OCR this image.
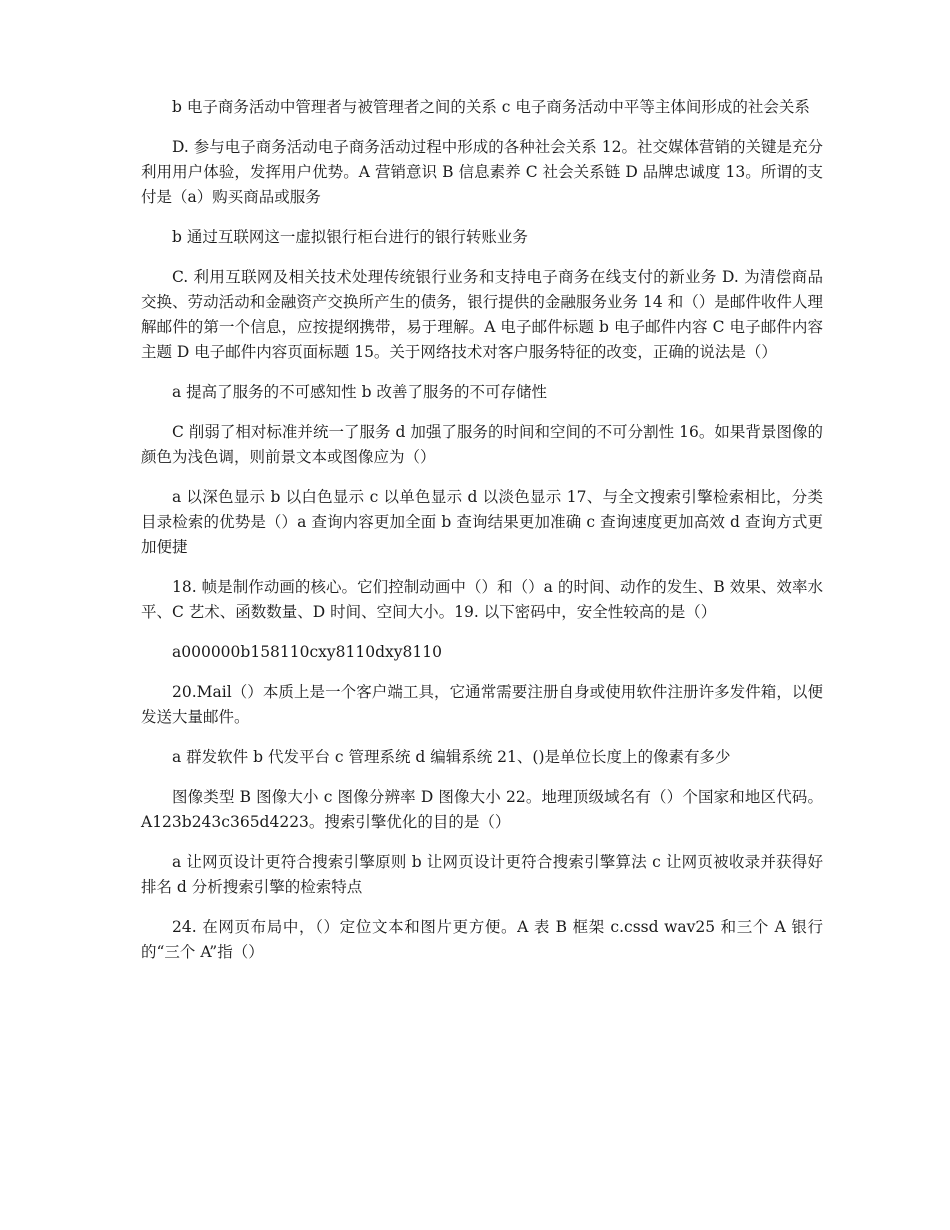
b 电子商务活动中管理者与被管理者之间的关系 c 电子商务活动中平等主体间形成的社会关系

D. 参与电子商务活动电子商务活动过程中形成的各种社会关系 12。社交媒体营销的关键是充分利用用户体验，发挥用户优势。A 营销意识 B 信息素养 C 社会关系链 D 品牌忠诚度 13。所谓的支付是（a）购买商品或服务

b 通过互联网这一虚拟银行柜台进行的银行转账业务

C. 利用互联网及相关技术处理传统银行业务和支持电子商务在线支付的新业务 D. 为清偿商品交换、劳动活动和金融资产交换所产生的债务，银行提供的金融服务业务 14 和（）是邮件收件人理解邮件的第一个信息，应按提纲携带，易于理解。A 电子邮件标题 b 电子邮件内容 C 电子邮件内容主题 D 电子邮件内容页面标题 15。关于网络技术对客户服务特征的改变，正确的说法是（）

a 提高了服务的不可感知性 b 改善了服务的不可存储性

C 削弱了相对标准并统一了服务 d 加强了服务的时间和空间的不可分割性 16。如果背景图像的颜色为浅色调，则前景文本或图像应为（）

a 以深色显示 b 以白色显示 c 以单色显示 d 以淡色显示 17、与全文搜索引擎检索相比，分类目录检索的优势是（）a 查询内容更加全面 b 查询结果更加准确 c 查询速度更加高效 d 查询方式更加便捷

18. 帧是制作动画的核心。它们控制动画中（）和（）a 的时间、动作的发生、B 效果、效率水平、C 艺术、函数数量、D 时间、空间大小。19. 以下密码中，安全性较高的是（）

a000000b158110cxy8110dxy8110

20.Mail（）本质上是一个客户端工具，它通常需要注册自身或使用软件注册许多发件箱，以便发送大量邮件。

a 群发软件 b 代发平台 c 管理系统 d 编辑系统 21、()是单位长度上的像素有多少

图像类型 B 图像大小 c 图像分辨率 D 图像大小 22。地理顶级域名有（）个国家和地区代码。A123b243c365d4223。搜索引擎优化的目的是（）

a 让网页设计更符合搜索引擎原则 b 让网页设计更符合搜索引擎算法 c 让网页被收录并获得好排名 d 分析搜索引擎的检索特点

24. 在网页布局中，（）定位文本和图片更方便。A 表 B 框架 c.cssd wav25 和三个 A 银行的“三个 A”指（）
